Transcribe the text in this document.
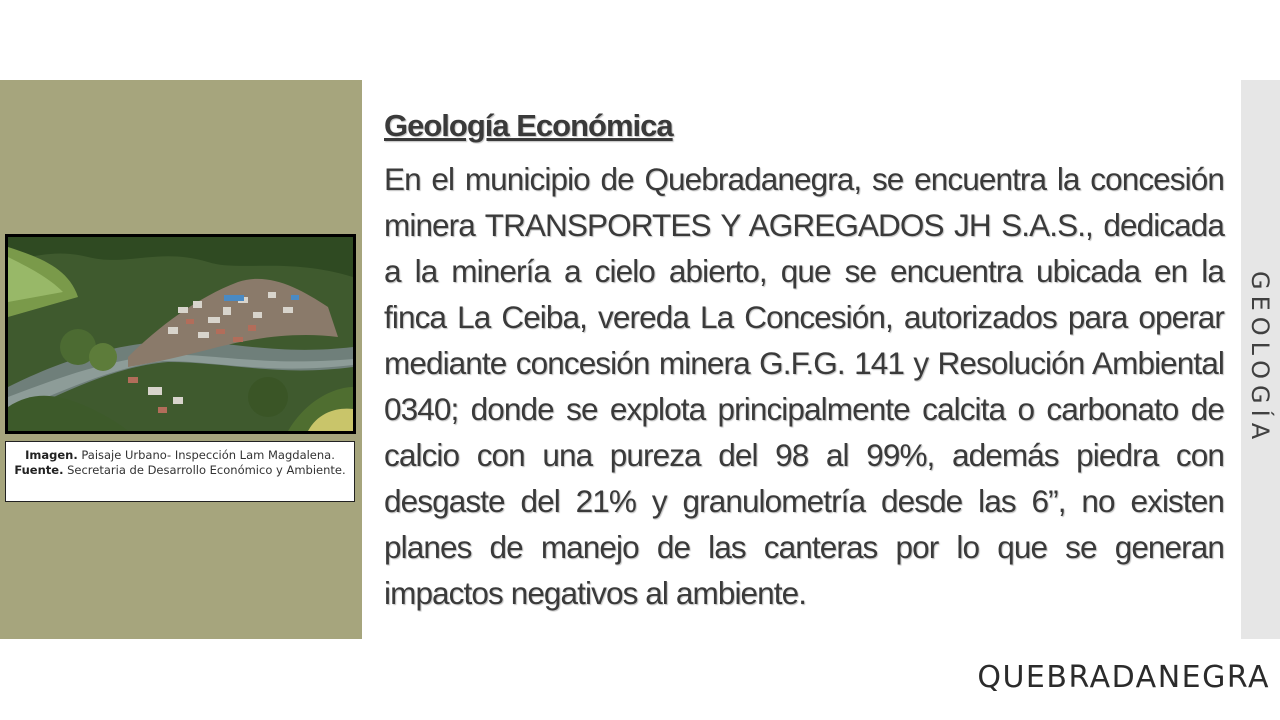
Imagen. Paisaje Urbano- Inspección Lam Magdalena.
Fuente. Secretaria de Desarrollo Económico y Ambiente.
Geología Económica

En el municipio de Quebradanegra, se encuentra la concesión minera TRANSPORTES Y AGREGADOS JH S.A.S., dedicada a la minería a cielo abierto, que se encuentra ubicada en la finca La Ceiba, vereda La Concesión, autorizados para operar mediante concesión minera G.F.G. 141 y Resolución Ambiental 0340; donde se explota principalmente calcita o carbonato de calcio con una pureza del 98 al 99%, además piedra con desgaste del 21% y granulometría desde las 6”, no existen planes de manejo de las canteras por lo que se generan impactos negativos al ambiente.

GEOLOGÍA
QUEBRADANEGRA
